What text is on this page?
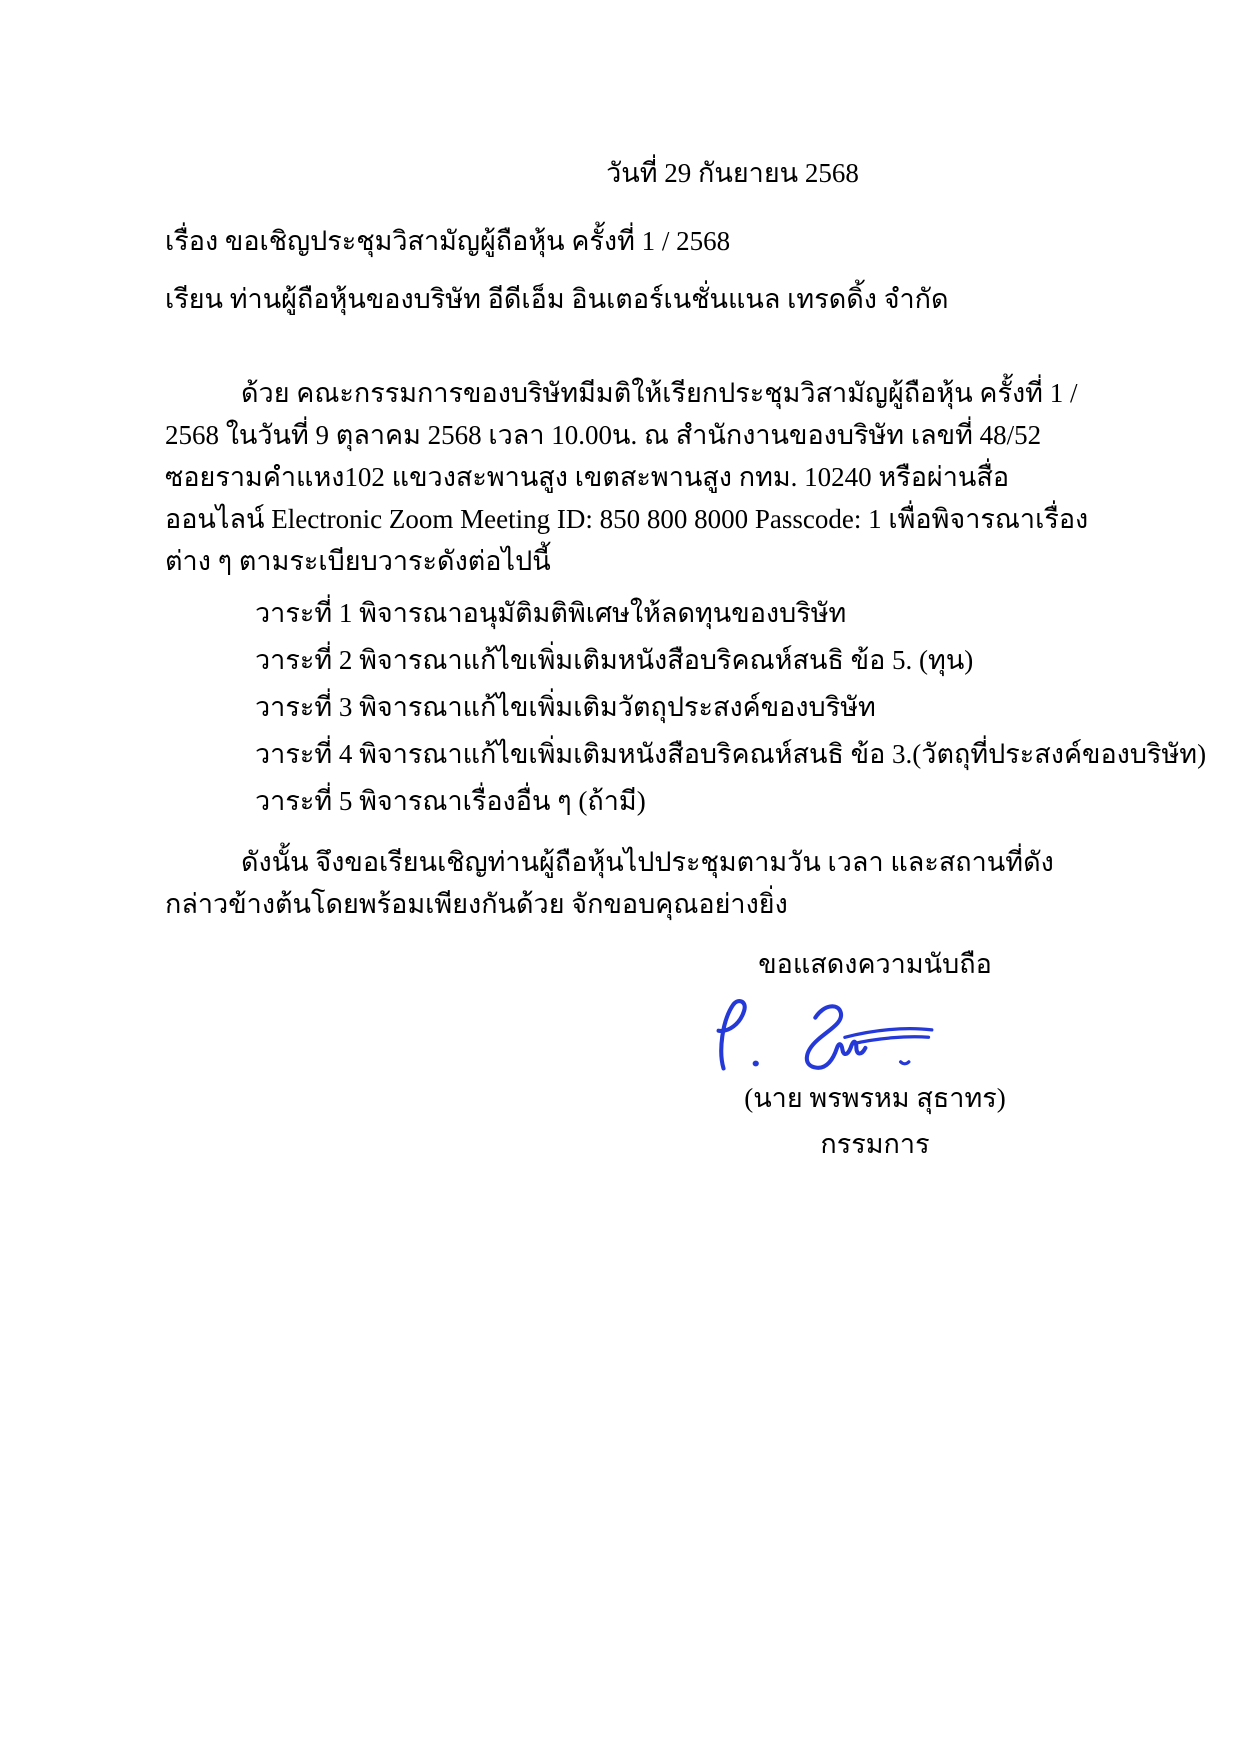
วันที่ 29 กันยายน 2568
เรื่อง ขอเชิญประชุมวิสามัญผู้ถือหุ้น ครั้งที่ 1 / 2568
เรียน ท่านผู้ถือหุ้นของบริษัท อีดีเอ็ม อินเตอร์เนชั่นแนล เทรดดิ้ง จำกัด

ด้วย คณะกรรมการของบริษัทมีมติให้เรียกประชุมวิสามัญผู้ถือหุ้น ครั้งที่ 1 / 2568 ในวันที่ 9 ตุลาคม 2568 เวลา 10.00น. ณ สำนักงานของบริษัท เลขที่ 48/52 ซอยรามคำแหง102 แขวงสะพานสูง เขตสะพานสูง กทม. 10240 หรือผ่านสื่อออนไลน์ Electronic Zoom Meeting ID: 850 800 8000 Passcode: 1 เพื่อพิจารณาเรื่องต่าง ๆ ตามระเบียบวาระดังต่อไปนี้

วาระที่ 1 พิจารณาอนุมัติมติพิเศษให้ลดทุนของบริษัท
วาระที่ 2 พิจารณาแก้ไขเพิ่มเติมหนังสือบริคณห์สนธิ ข้อ 5. (ทุน)
วาระที่ 3 พิจารณาแก้ไขเพิ่มเติมวัตถุประสงค์ของบริษัท
วาระที่ 4 พิจารณาแก้ไขเพิ่มเติมหนังสือบริคณห์สนธิ ข้อ 3.(วัตถุที่ประสงค์ของบริษัท)
วาระที่ 5 พิจารณาเรื่องอื่น ๆ (ถ้ามี)

ดังนั้น จึงขอเรียนเชิญท่านผู้ถือหุ้นไปประชุมตามวัน เวลา และสถานที่ดังกล่าวข้างต้นโดยพร้อมเพียงกันด้วย จักขอบคุณอย่างยิ่ง

ขอแสดงความนับถือ
(นาย พรพรหม สุธาทร)
กรรมการ
